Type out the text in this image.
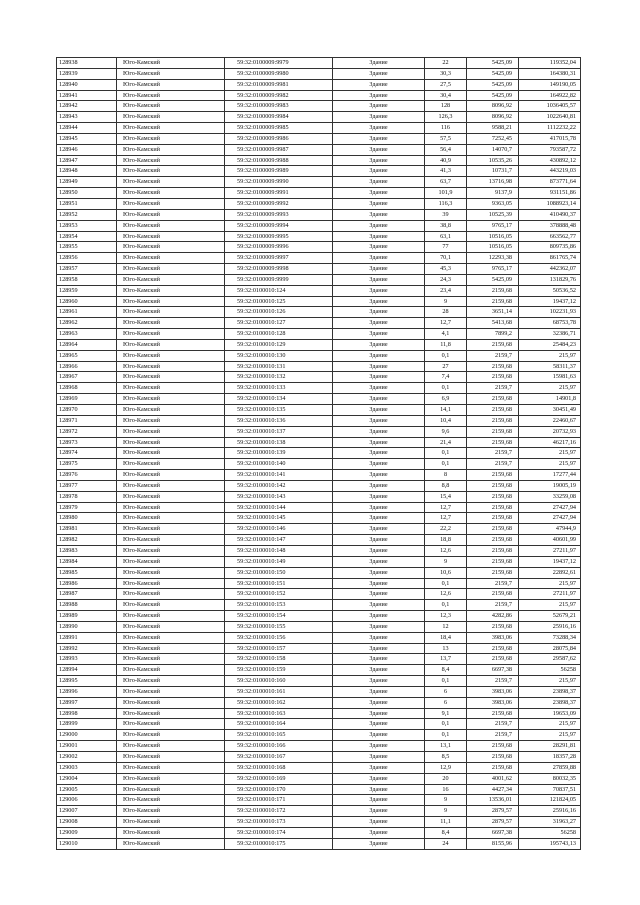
128938	Юго-Камский	59:32:0100009:9979	Здание	22	5425,09	119352,04
128939	Юго-Камский	59:32:0100009:9980	Здание	30,3	5425,09	164380,31
128940	Юго-Камский	59:32:0100009:9981	Здание	27,5	5425,09	149190,05
128941	Юго-Камский	59:32:0100009:9982	Здание	30,4	5425,09	164922,82
128942	Юго-Камский	59:32:0100009:9983	Здание	128	8096,92	1036405,57
128943	Юго-Камский	59:32:0100009:9984	Здание	126,3	8096,92	1022640,81
128944	Юго-Камский	59:32:0100009:9985	Здание	116	9588,21	1112232,22
128945	Юго-Камский	59:32:0100009:9986	Здание	57,5	7252,45	417015,78
128946	Юго-Камский	59:32:0100009:9987	Здание	56,4	14070,7	793587,72
128947	Юго-Камский	59:32:0100009:9988	Здание	40,9	10535,26	430892,12
128948	Юго-Камский	59:32:0100009:9989	Здание	41,3	10731,7	443219,03
128949	Юго-Камский	59:32:0100009:9990	Здание	63,7	13716,98	873771,64
128950	Юго-Камский	59:32:0100009:9991	Здание	101,9	9137,9	931151,86
128951	Юго-Камский	59:32:0100009:9992	Здание	116,3	9363,05	1088923,14
128952	Юго-Камский	59:32:0100009:9993	Здание	39	10525,39	410490,37
128953	Юго-Камский	59:32:0100009:9994	Здание	38,8	9765,17	378888,48
128954	Юго-Камский	59:32:0100009:9995	Здание	63,1	10516,05	663562,77
128955	Юго-Камский	59:32:0100009:9996	Здание	77	10516,05	809735,86
128956	Юго-Камский	59:32:0100009:9997	Здание	70,1	12293,38	861765,74
128957	Юго-Камский	59:32:0100009:9998	Здание	45,3	9765,17	442362,07
128958	Юго-Камский	59:32:0100009:9999	Здание	24,3	5425,09	131829,76
128959	Юго-Камский	59:32:0100010:124	Здание	23,4	2159,68	50536,52
128960	Юго-Камский	59:32:0100010:125	Здание	9	2159,68	19437,12
128961	Юго-Камский	59:32:0100010:126	Здание	28	3651,14	102231,93
128962	Юго-Камский	59:32:0100010:127	Здание	12,7	5413,68	68753,78
128963	Юго-Камский	59:32:0100010:128	Здание	4,1	7899,2	32386,71
128964	Юго-Камский	59:32:0100010:129	Здание	11,8	2159,68	25484,23
128965	Юго-Камский	59:32:0100010:130	Здание	0,1	2159,7	215,97
128966	Юго-Камский	59:32:0100010:131	Здание	27	2159,68	58311,37
128967	Юго-Камский	59:32:0100010:132	Здание	7,4	2159,68	15981,63
128968	Юго-Камский	59:32:0100010:133	Здание	0,1	2159,7	215,97
128969	Юго-Камский	59:32:0100010:134	Здание	6,9	2159,68	14901,8
128970	Юго-Камский	59:32:0100010:135	Здание	14,1	2159,68	30451,49
128971	Юго-Камский	59:32:0100010:136	Здание	10,4	2159,68	22460,67
128972	Юго-Камский	59:32:0100010:137	Здание	9,6	2159,68	20732,93
128973	Юго-Камский	59:32:0100010:138	Здание	21,4	2159,68	46217,16
128974	Юго-Камский	59:32:0100010:139	Здание	0,1	2159,7	215,97
128975	Юго-Камский	59:32:0100010:140	Здание	0,1	2159,7	215,97
128976	Юго-Камский	59:32:0100010:141	Здание	8	2159,68	17277,44
128977	Юго-Камский	59:32:0100010:142	Здание	8,8	2159,68	19005,19
128978	Юго-Камский	59:32:0100010:143	Здание	15,4	2159,68	33259,08
128979	Юго-Камский	59:32:0100010:144	Здание	12,7	2159,68	27427,94
128980	Юго-Камский	59:32:0100010:145	Здание	12,7	2159,68	27427,94
128981	Юго-Камский	59:32:0100010:146	Здание	22,2	2159,68	47944,9
128982	Юго-Камский	59:32:0100010:147	Здание	18,8	2159,68	40601,99
128983	Юго-Камский	59:32:0100010:148	Здание	12,6	2159,68	27211,97
128984	Юго-Камский	59:32:0100010:149	Здание	9	2159,68	19437,12
128985	Юго-Камский	59:32:0100010:150	Здание	10,6	2159,68	22892,61
128986	Юго-Камский	59:32:0100010:151	Здание	0,1	2159,7	215,97
128987	Юго-Камский	59:32:0100010:152	Здание	12,6	2159,68	27211,97
128988	Юго-Камский	59:32:0100010:153	Здание	0,1	2159,7	215,97
128989	Юго-Камский	59:32:0100010:154	Здание	12,3	4282,86	52679,21
128990	Юго-Камский	59:32:0100010:155	Здание	12	2159,68	25916,16
128991	Юго-Камский	59:32:0100010:156	Здание	18,4	3983,06	73288,34
128992	Юго-Камский	59:32:0100010:157	Здание	13	2159,68	28075,84
128993	Юго-Камский	59:32:0100010:158	Здание	13,7	2159,68	29587,62
128994	Юго-Камский	59:32:0100010:159	Здание	8,4	6697,38	56258
128995	Юго-Камский	59:32:0100010:160	Здание	0,1	2159,7	215,97
128996	Юго-Камский	59:32:0100010:161	Здание	6	3983,06	23898,37
128997	Юго-Камский	59:32:0100010:162	Здание	6	3983,06	23898,37
128998	Юго-Камский	59:32:0100010:163	Здание	9,1	2159,68	19653,09
128999	Юго-Камский	59:32:0100010:164	Здание	0,1	2159,7	215,97
129000	Юго-Камский	59:32:0100010:165	Здание	0,1	2159,7	215,97
129001	Юго-Камский	59:32:0100010:166	Здание	13,1	2159,68	28291,81
129002	Юго-Камский	59:32:0100010:167	Здание	8,5	2159,68	18357,28
129003	Юго-Камский	59:32:0100010:168	Здание	12,9	2159,68	27859,88
129004	Юго-Камский	59:32:0100010:169	Здание	20	4001,62	80032,35
129005	Юго-Камский	59:32:0100010:170	Здание	16	4427,34	70837,51
129006	Юго-Камский	59:32:0100010:171	Здание	9	13536,01	121824,05
129007	Юго-Камский	59:32:0100010:172	Здание	9	2879,57	25916,16
129008	Юго-Камский	59:32:0100010:173	Здание	11,1	2879,57	31963,27
129009	Юго-Камский	59:32:0100010:174	Здание	8,4	6697,38	56258
129010	Юго-Камский	59:32:0100010:175	Здание	24	8155,96	195743,13
